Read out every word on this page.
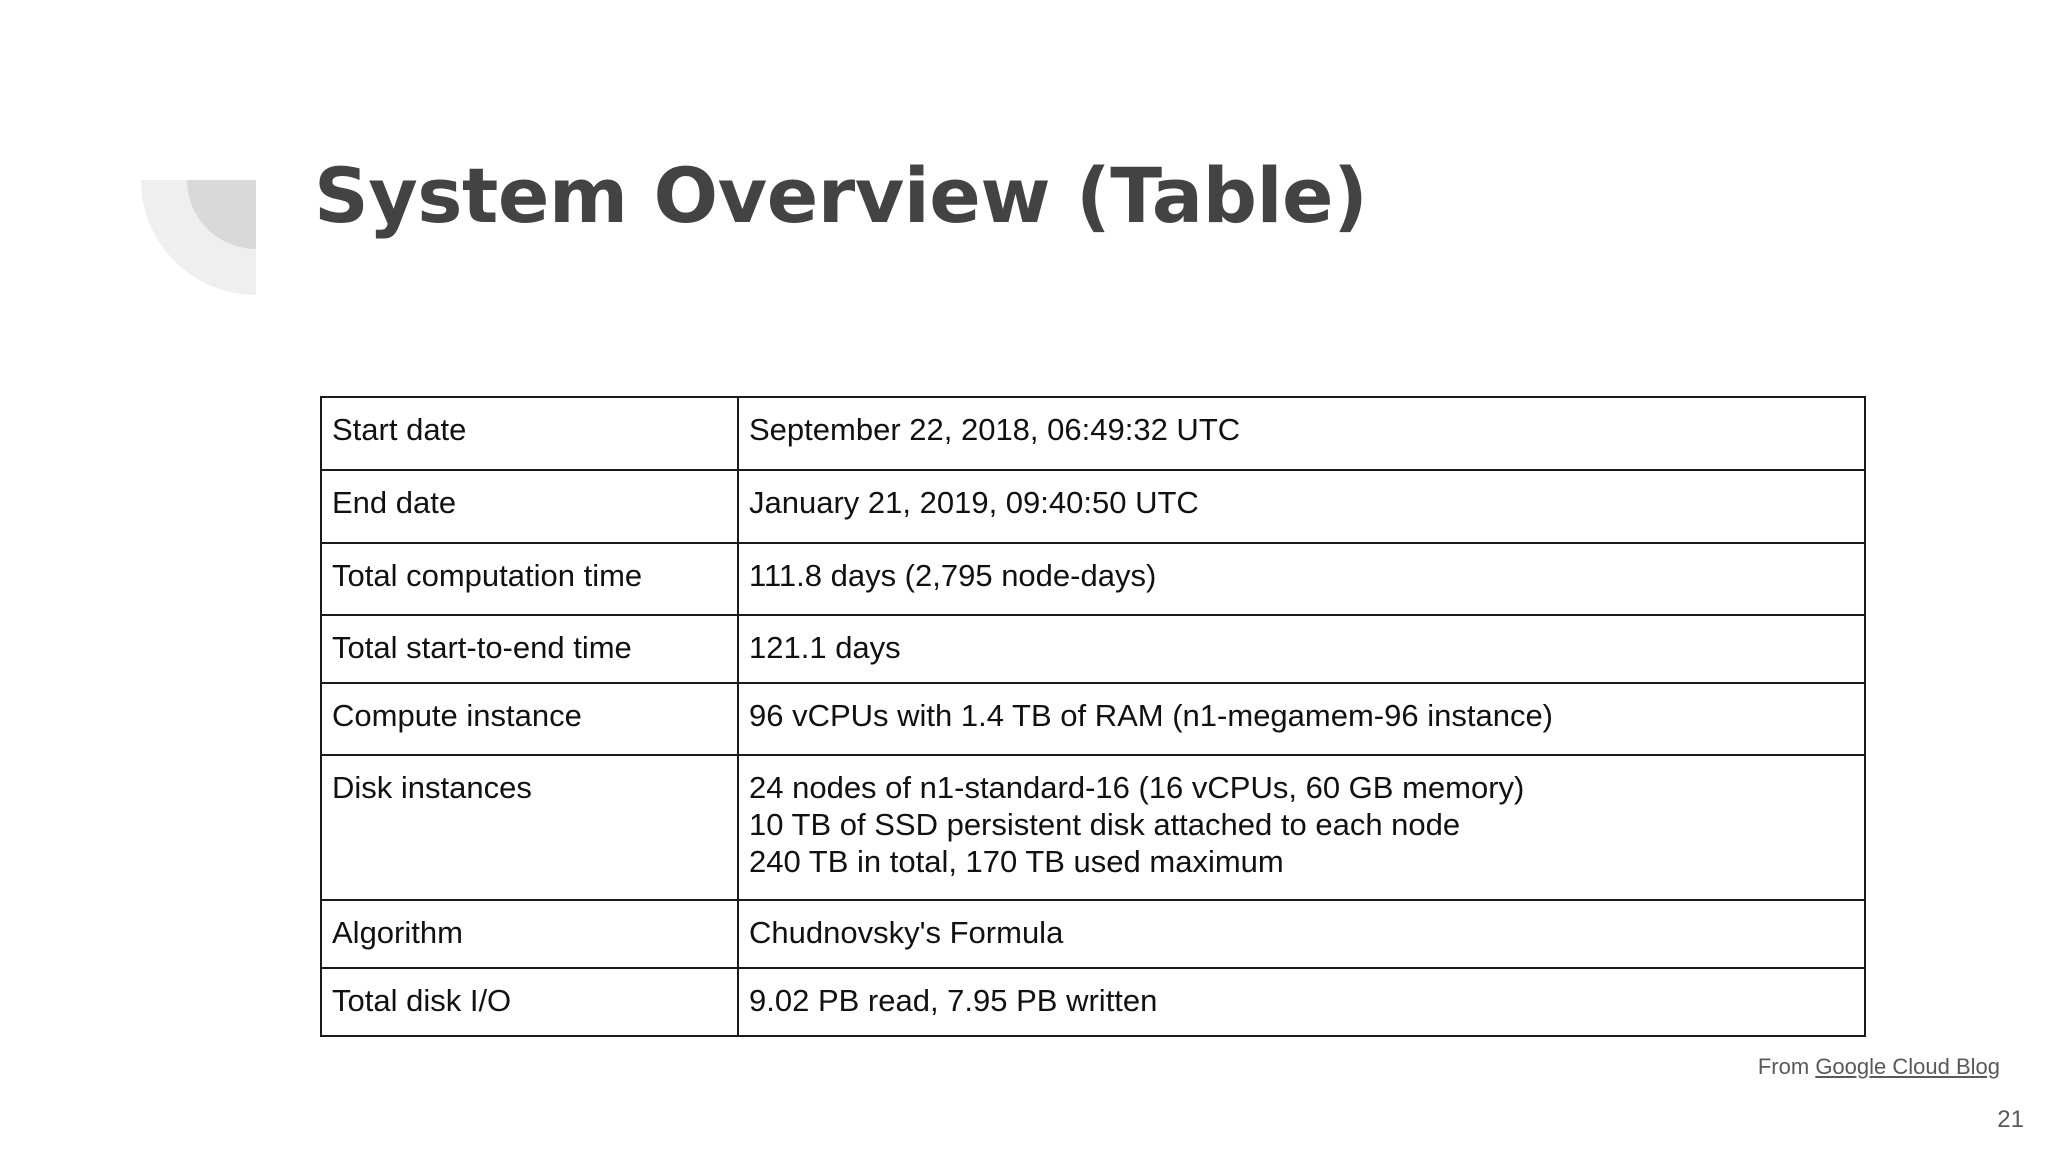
System Overview (Table)
Start date	September 22, 2018, 06:49:32 UTC

End date	January 21, 2019, 09:40:50 UTC

Total computation time	111.8 days (2,795 node-days)

Total start-to-end time	121.1 days

Compute instance	96 vCPUs with 1.4 TB of RAM (n1-megamem-96 instance)

Disk instances	24 nodes of n1-standard-16 (16 vCPUs, 60 GB memory)
10 TB of SSD persistent disk attached to each node
240 TB in total, 170 TB used maximum

Algorithm	Chudnovsky's Formula

Total disk I/O	9.02 PB read, 7.95 PB written
From Google Cloud Blog
21
